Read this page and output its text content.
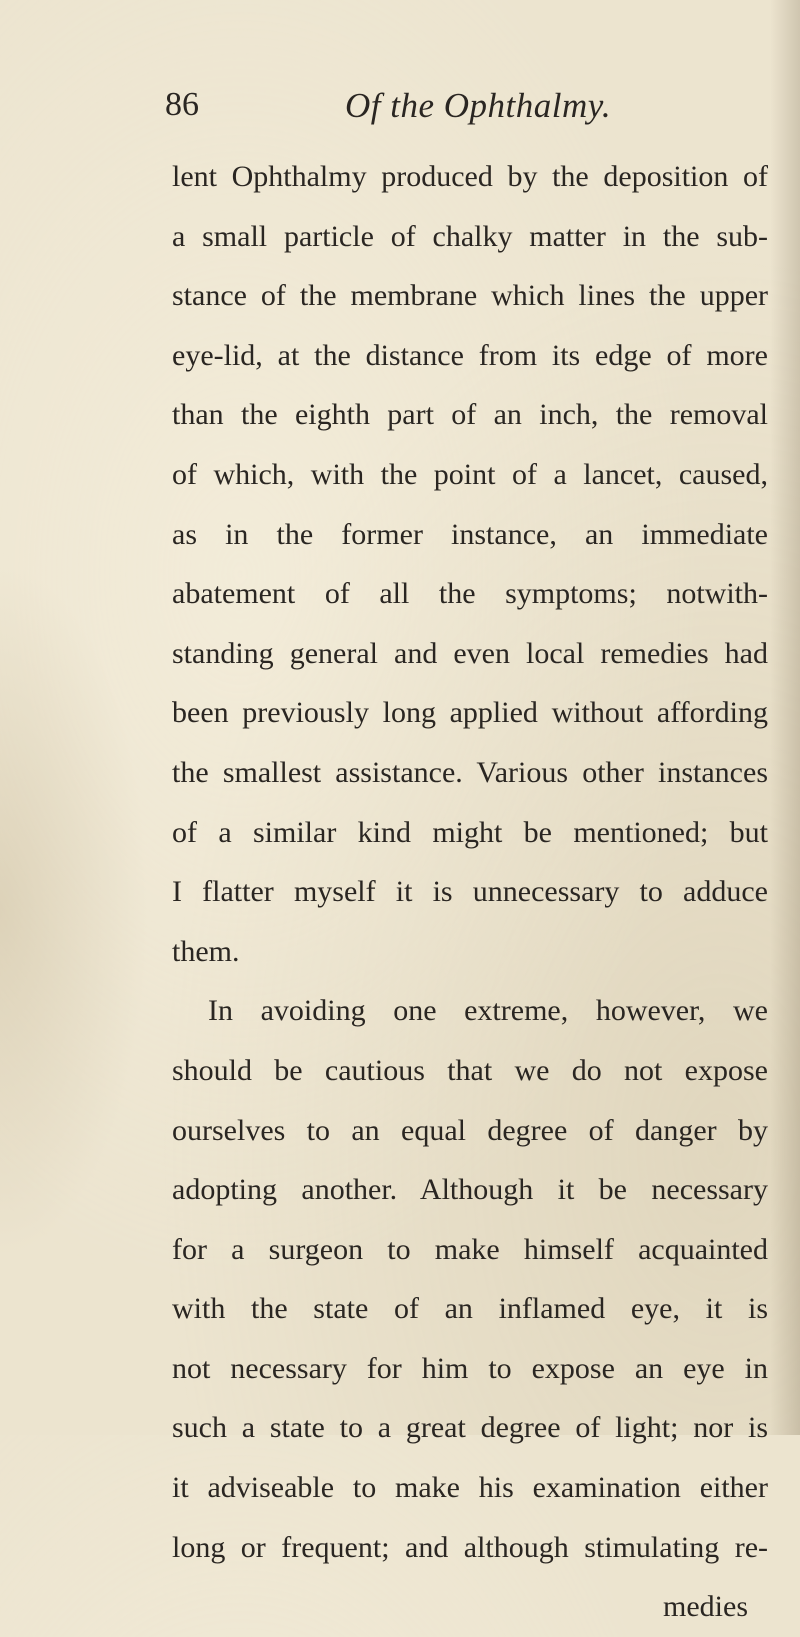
86	Of the Ophthalmy.
lent Ophthalmy produced by the deposition of
a small particle of chalky matter in the sub-
stance of the membrane which lines the upper
eye-lid, at the distance from its edge of more
than the eighth part of an inch, the removal
of which, with the point of a lancet, caused,
as in the former instance, an immediate
abatement of all the symptoms; notwith-
standing general and even local remedies had
been previously long applied without affording
the smallest assistance. Various other instances
of a similar kind might be mentioned; but
I flatter myself it is unnecessary to adduce
them.
In avoiding one extreme, however, we
should be cautious that we do not expose
ourselves to an equal degree of danger by
adopting another. Although it be necessary
for a surgeon to make himself acquainted
with the state of an inflamed eye, it is
not necessary for him to expose an eye in
such a state to a great degree of light; nor is
it adviseable to make his examination either
long or frequent; and although stimulating re-
medies
